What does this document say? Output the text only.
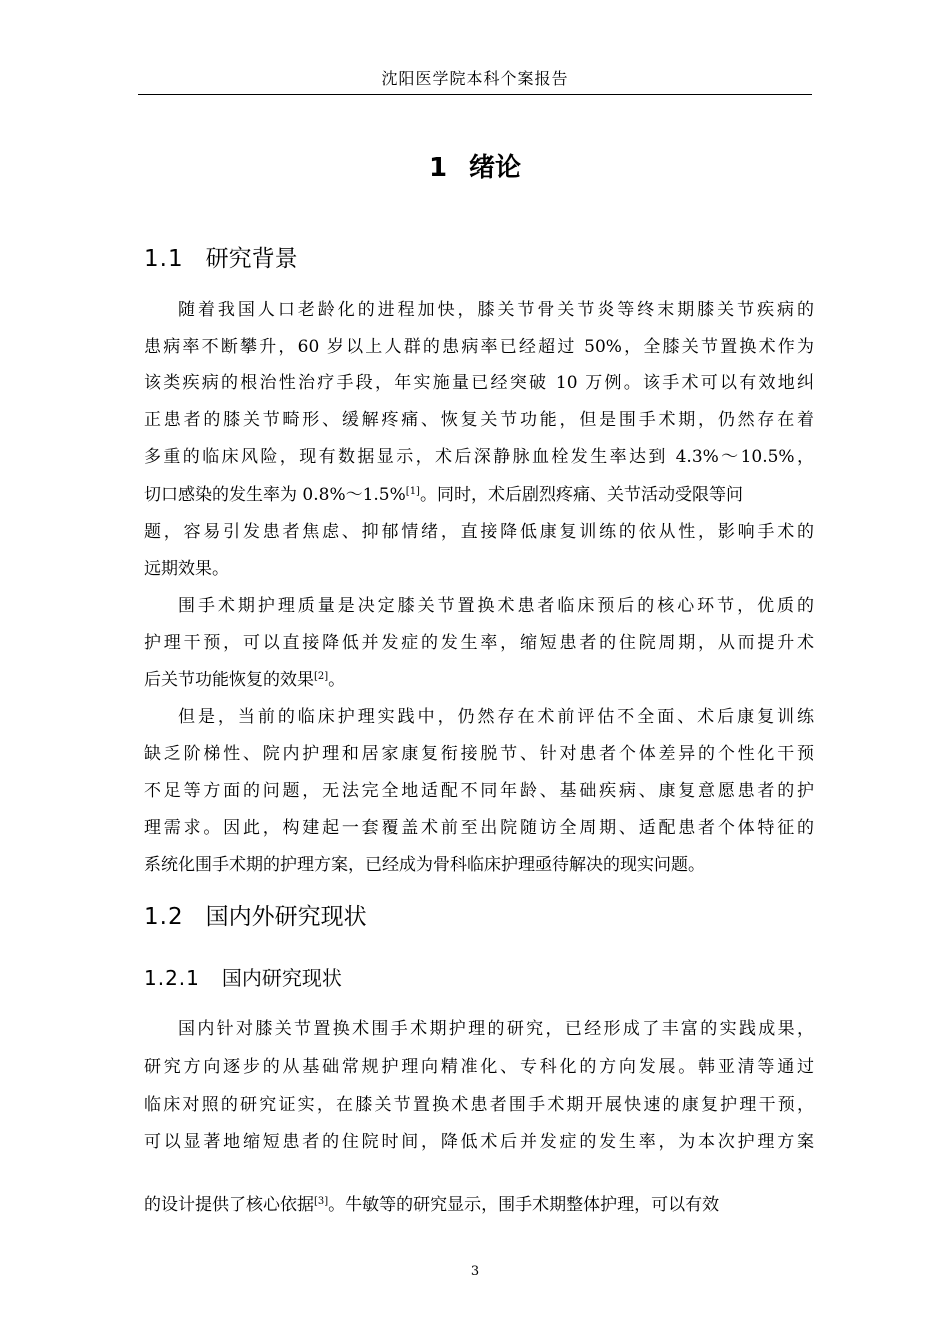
沈阳医学院本科个案报告
1 绪论
1.1 研究背景
随着我国人口老龄化的进程加快，膝关节骨关节炎等终末期膝关节疾病的
患病率不断攀升，60 岁以上人群的患病率已经超过 50%，全膝关节置换术作为
该类疾病的根治性治疗手段，年实施量已经突破 10 万例。该手术可以有效地纠
正患者的膝关节畸形、缓解疼痛、恢复关节功能，但是围手术期，仍然存在着
多重的临床风险，现有数据显示，术后深静脉血栓发生率达到 4.3%～10.5%，
切口感染的发生率为 0.8%～1.5%[1]。同时，术后剧烈疼痛、关节活动受限等问
题，容易引发患者焦虑、抑郁情绪，直接降低康复训练的依从性，影响手术的
远期效果。
围手术期护理质量是决定膝关节置换术患者临床预后的核心环节，优质的
护理干预，可以直接降低并发症的发生率，缩短患者的住院周期，从而提升术
后关节功能恢复的效果[2]。
但是，当前的临床护理实践中，仍然存在术前评估不全面、术后康复训练
缺乏阶梯性、院内护理和居家康复衔接脱节、针对患者个体差异的个性化干预
不足等方面的问题，无法完全地适配不同年龄、基础疾病、康复意愿患者的护
理需求。因此，构建起一套覆盖术前至出院随访全周期、适配患者个体特征的
系统化围手术期的护理方案，已经成为骨科临床护理亟待解决的现实问题。
1.2 国内外研究现状
1.2.1 国内研究现状
国内针对膝关节置换术围手术期护理的研究，已经形成了丰富的实践成果，
研究方向逐步的从基础常规护理向精准化、专科化的方向发展。韩亚清等通过
临床对照的研究证实，在膝关节置换术患者围手术期开展快速的康复护理干预，
可以显著地缩短患者的住院时间，降低术后并发症的发生率，为本次护理方案
的设计提供了核心依据[3]。牛敏等的研究显示，围手术期整体护理，可以有效
3
